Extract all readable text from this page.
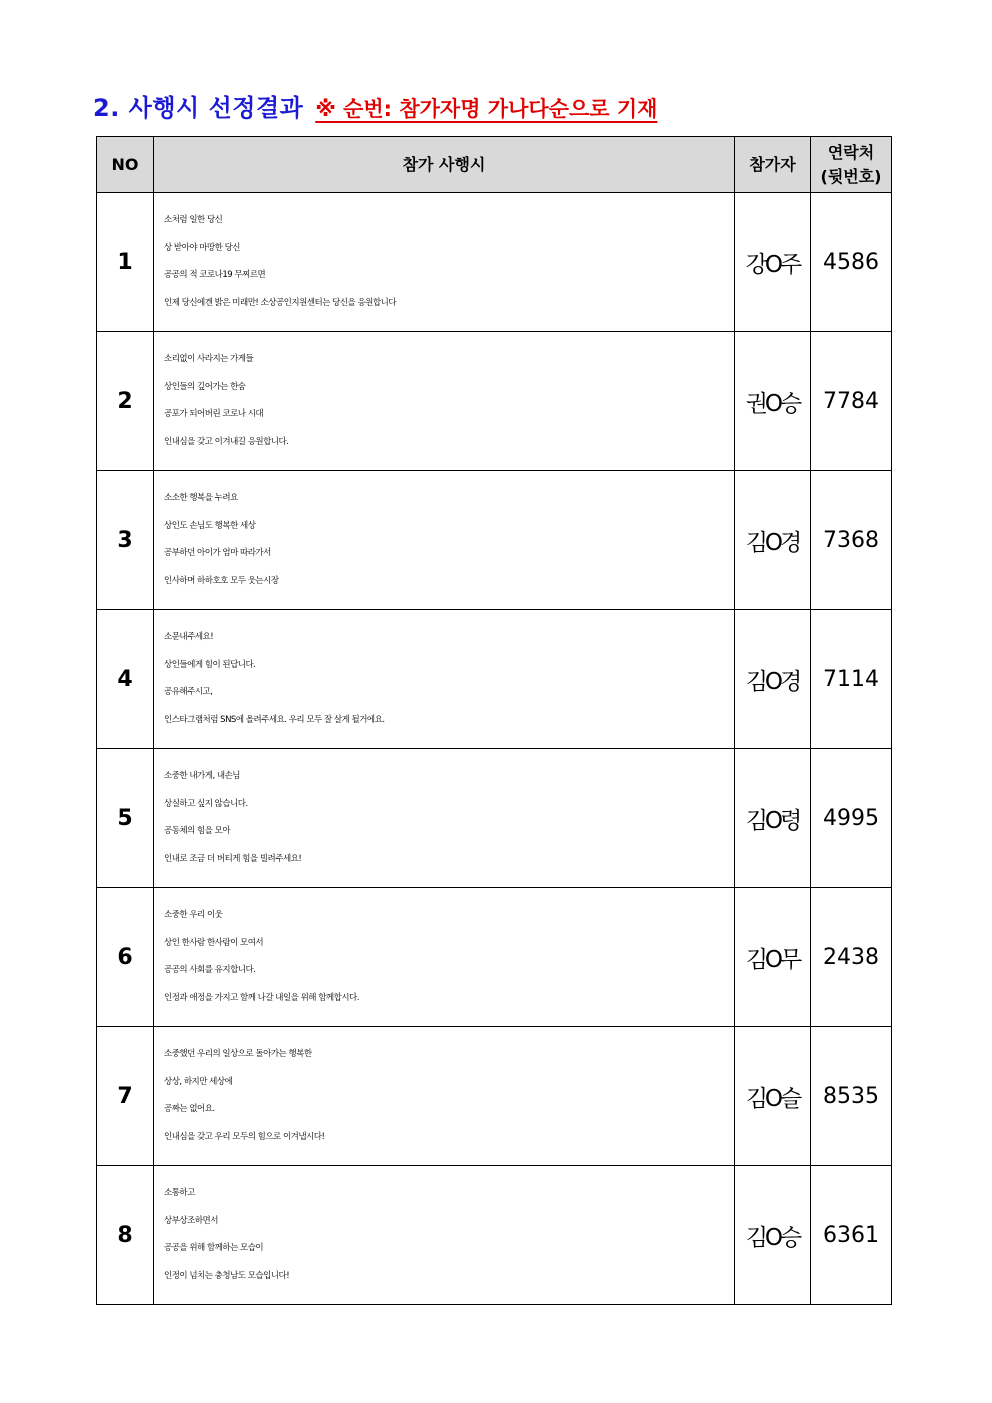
2. 사행시 선정결과 ※ 순번: 참가자명 가나다순으로 기재
NO	참가 사행시	참가자	연락처
(뒷번호)

1	소처럼 일한 당신
상 받아야 마땅한 당신
공공의 적 코로나19 무찌르면
인제 당신에겐 밝은 미래만! 소상공인지원센터는 당신을 응원합니다	강O주	4586
2	소리없이 사라지는 가게들
상인들의 깊어가는 한숨
공포가 되어버린 코로나 시대
인내심을 갖고 이겨내길 응원합니다.	권O승	7784
3	소소한 행복을 누려요
상인도 손님도 행복한 세상
공부하던 아이가 엄마 따라가서
인사하며 하하호호 모두 웃는시장	김O경	7368
4	소문내주세요!
상인들에게 힘이 된답니다.
공유해주시고,
인스타그램처럼 SNS에 올려주세요. 우리 모두 잘 살게 될거에요.	김O경	7114
5	소중한 내가게, 내손님
상실하고 싶지 않습니다.
공동체의 힘을 모아
인내로 조금 더 버티게 힘을 빌려주세요!	김O령	4995
6	소중한 우리 이웃
상인 한사람 한사람이 모여서
공공의 사회를 유지합니다.
인정과 애정을 가지고 함께 나갈 내일을 위해 함께합시다.	김O무	2438
7	소중했던 우리의 일상으로 돌아가는 행복한
상상, 하지만 세상에
공짜는 없어요.
인내심을 갖고 우리 모두의 힘으로 이겨냅시다!	김O슬	8535
8	소통하고
상부상조하면서
공공을 위해 함께하는 모습이
인정이 넘치는 충청남도 모습입니다!	김O승	6361
